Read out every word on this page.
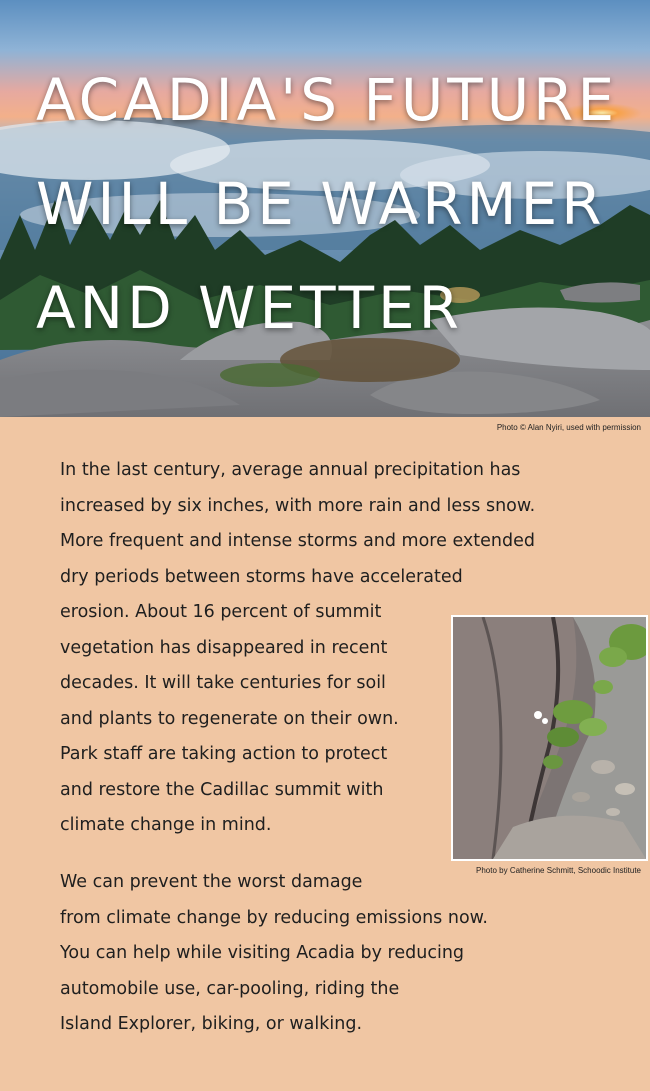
ACADIA'S FUTURE
WILL BE WARMER
AND WETTER
Photo © Alan Nyiri, used with permission

In the last century, average annual precipitation has
increased by six inches, with more rain and less snow.
More frequent and intense storms and more extended
dry periods between storms have accelerated
erosion. About 16 percent of summit
vegetation has disappeared in recent
decades. It will take centuries for soil
and plants to regenerate on their own.
Park staff are taking action to protect
and restore the Cadillac summit with
climate change in mind.

Photo by Catherine Schmitt, Schoodic Institute

We can prevent the worst damage
from climate change by reducing emissions now.
You can help while visiting Acadia by reducing
automobile use, car-pooling, riding the
Island Explorer, biking, or walking.
